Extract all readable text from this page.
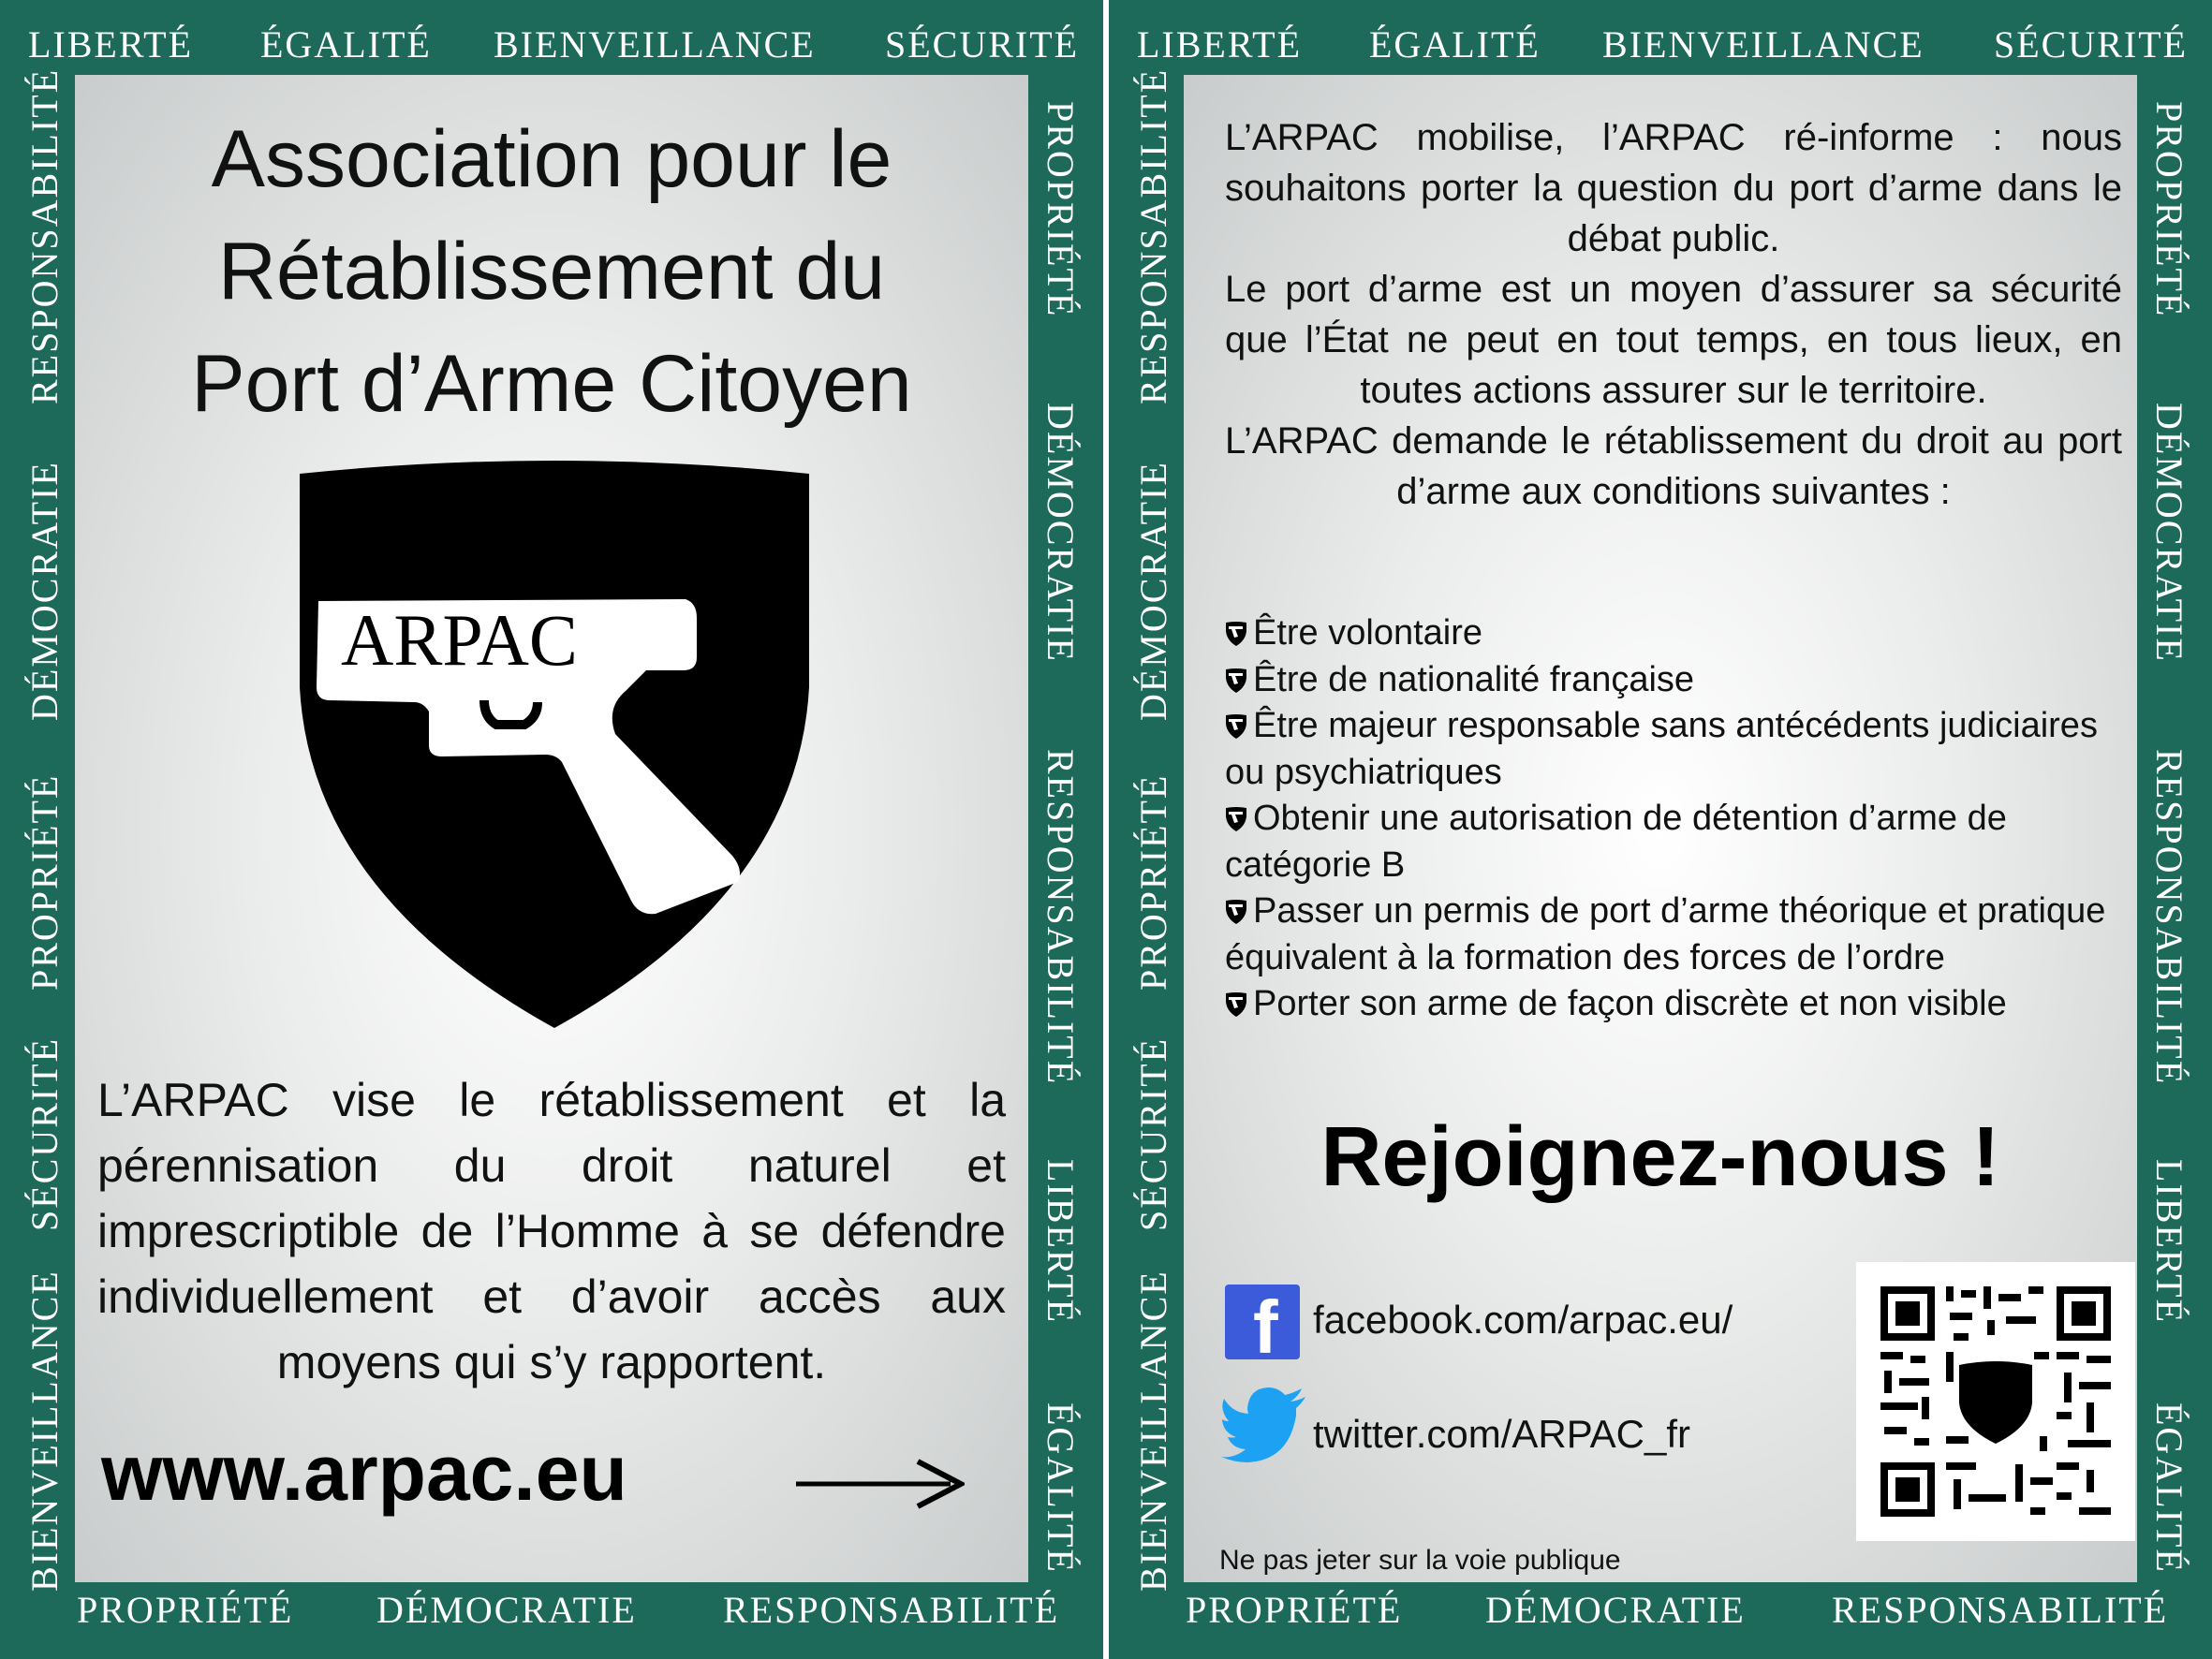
LIBERTÉ ÉGALITÉ BIENVEILLANCE SÉCURITÉ
PROPRIÉTÉ DÉMOCRATIE RESPONSABILITÉ
RESPONSABILITÉ
DÉMOCRATIE
PROPRIÉTÉ
SÉCURITÉ
BIENVEILLANCE
PROPRIÉTÉ
DÉMOCRATIE
RESPONSABILITÉ
LIBERTÉ
ÉGALITÉ
Association pour le
Rétablissement du
Port d’Arme Citoyen
ARPAC
L’ARPAC vise le rétablissement et la pérennisation du droit naturel et imprescriptible de l’Homme à se défendre individuellement et d’avoir accès aux moyens qui s’y rapportent.
www.arpac.eu
LIBERTÉ ÉGALITÉ BIENVEILLANCE SÉCURITÉ
PROPRIÉTÉ DÉMOCRATIE RESPONSABILITÉ
RESPONSABILITÉ
DÉMOCRATIE
PROPRIÉTÉ
SÉCURITÉ
BIENVEILLANCE
PROPRIÉTÉ
DÉMOCRATIE
RESPONSABILITÉ
LIBERTÉ
ÉGALITÉ
L’ARPAC mobilise, l’ARPAC ré-informe : nous souhaitons porter la question du port d’arme dans le débat public.
Le port d’arme est un moyen d’assurer sa sécurité que l’État ne peut en tout temps, en tous lieux, en toutes actions assurer sur le territoire.
L’ARPAC demande le rétablissement du droit au port d’arme aux conditions suivantes :
Être volontaire
Être de nationalité française
Être majeur responsable sans antécédents judiciaires ou psychiatriques
Obtenir une autorisation de détention d’arme de catégorie B
Passer un permis de port d’arme théorique et pratique équivalent à la formation des forces de l’ordre
Porter son arme de façon discrète et non visible
Rejoignez-nous !
f facebook.com/arpac.eu/
twitter.com/ARPAC_fr
Ne pas jeter sur la voie publique
